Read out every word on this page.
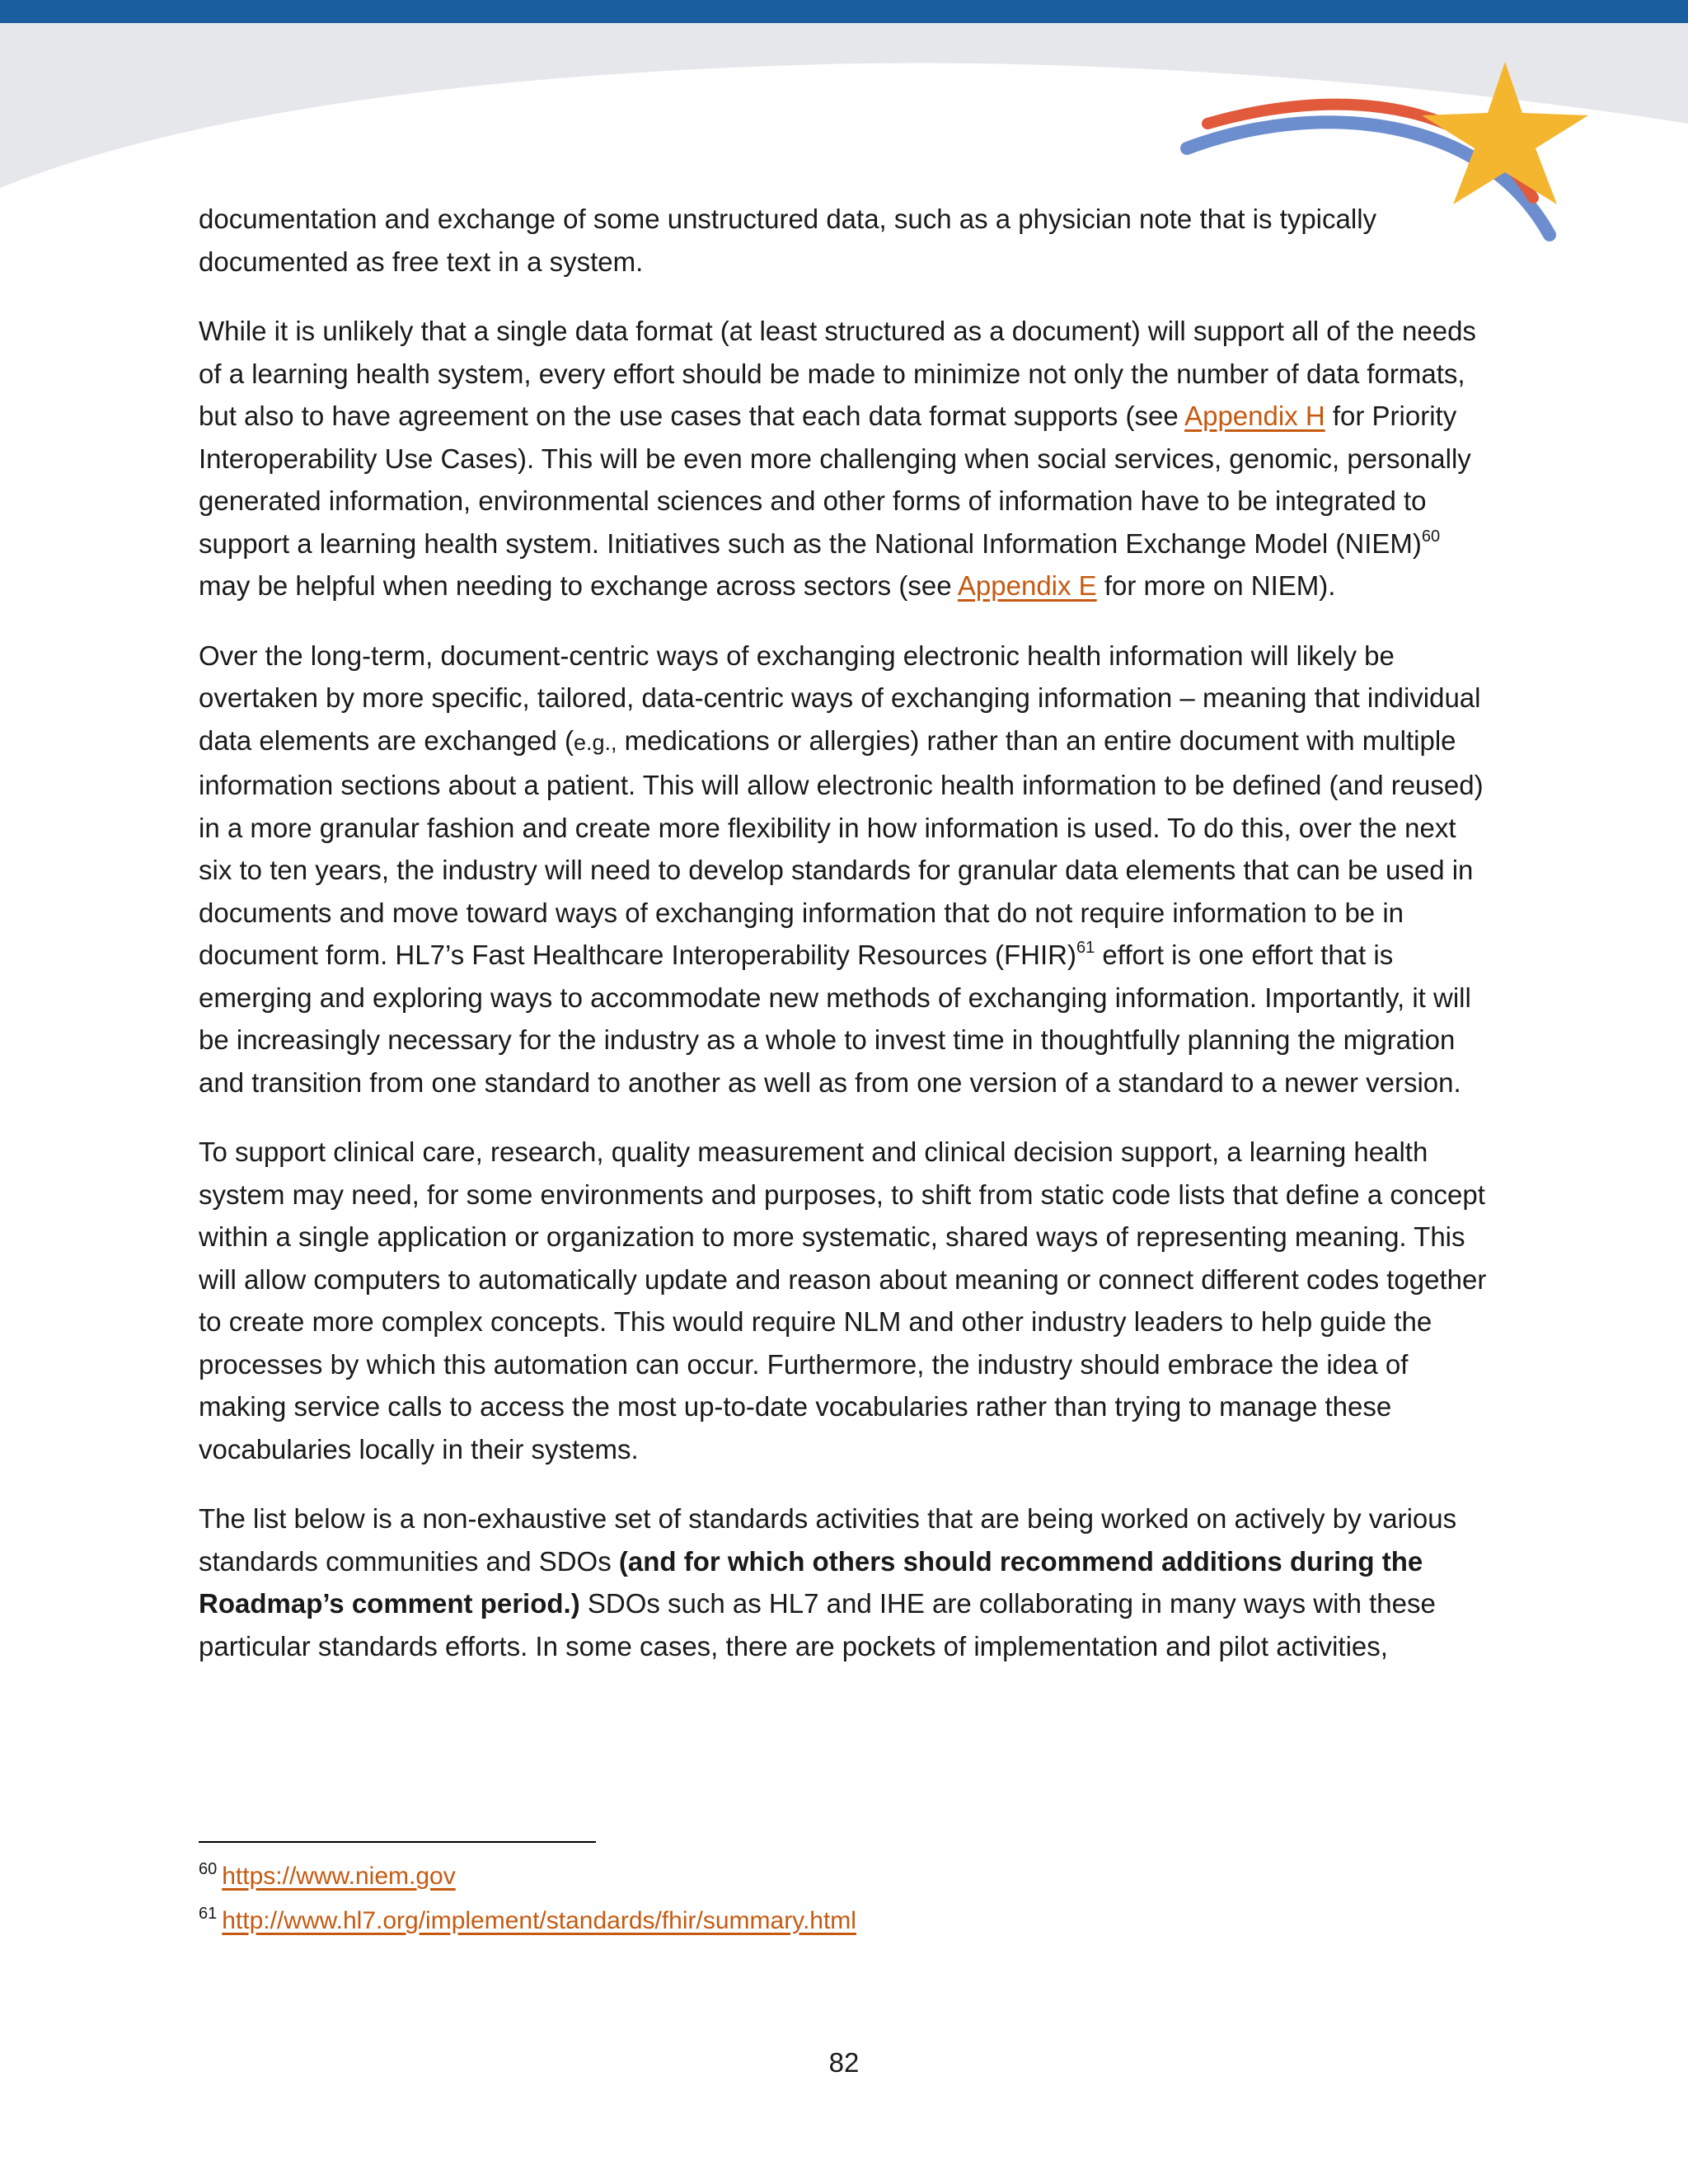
documentation and exchange of some unstructured data, such as a physician note that is typically documented as free text in a system.

While it is unlikely that a single data format (at least structured as a document) will support all of the needs of a learning health system, every effort should be made to minimize not only the number of data formats, but also to have agreement on the use cases that each data format supports (see Appendix H for Priority Interoperability Use Cases). This will be even more challenging when social services, genomic, personally generated information, environmental sciences and other forms of information have to be integrated to support a learning health system. Initiatives such as the National Information Exchange Model (NIEM)$^{60}$ may be helpful when needing to exchange across sectors (see Appendix E for more on NIEM).

Over the long-term, document-centric ways of exchanging electronic health information will likely be overtaken by more specific, tailored, data-centric ways of exchanging information – meaning that individual data elements are exchanged (e.g., medications or allergies) rather than an entire document with multiple information sections about a patient. This will allow electronic health information to be defined (and reused) in a more granular fashion and create more flexibility in how information is used. To do this, over the next six to ten years, the industry will need to develop standards for granular data elements that can be used in documents and move toward ways of exchanging information that do not require information to be in document form. HL7’s Fast Healthcare Interoperability Resources (FHIR)$^{61}$ effort is one effort that is emerging and exploring ways to accommodate new methods of exchanging information. Importantly, it will be increasingly necessary for the industry as a whole to invest time in thoughtfully planning the migration and transition from one standard to another as well as from one version of a standard to a newer version.

To support clinical care, research, quality measurement and clinical decision support, a learning health system may need, for some environments and purposes, to shift from static code lists that define a concept within a single application or organization to more systematic, shared ways of representing meaning. This will allow computers to automatically update and reason about meaning or connect different codes together to create more complex concepts. This would require NLM and other industry leaders to help guide the processes by which this automation can occur. Furthermore, the industry should embrace the idea of making service calls to access the most up-to-date vocabularies rather than trying to manage these vocabularies locally in their systems.

The list below is a non-exhaustive set of standards activities that are being worked on actively by various standards communities and SDOs (and for which others should recommend additions during the Roadmap’s comment period.) SDOs such as HL7 and IHE are collaborating in many ways with these particular standards efforts. In some cases, there are pockets of implementation and pilot activities,

$^{60}$ https://www.niem.gov
$^{61}$ http://www.hl7.org/implement/standards/fhir/summary.html
82
